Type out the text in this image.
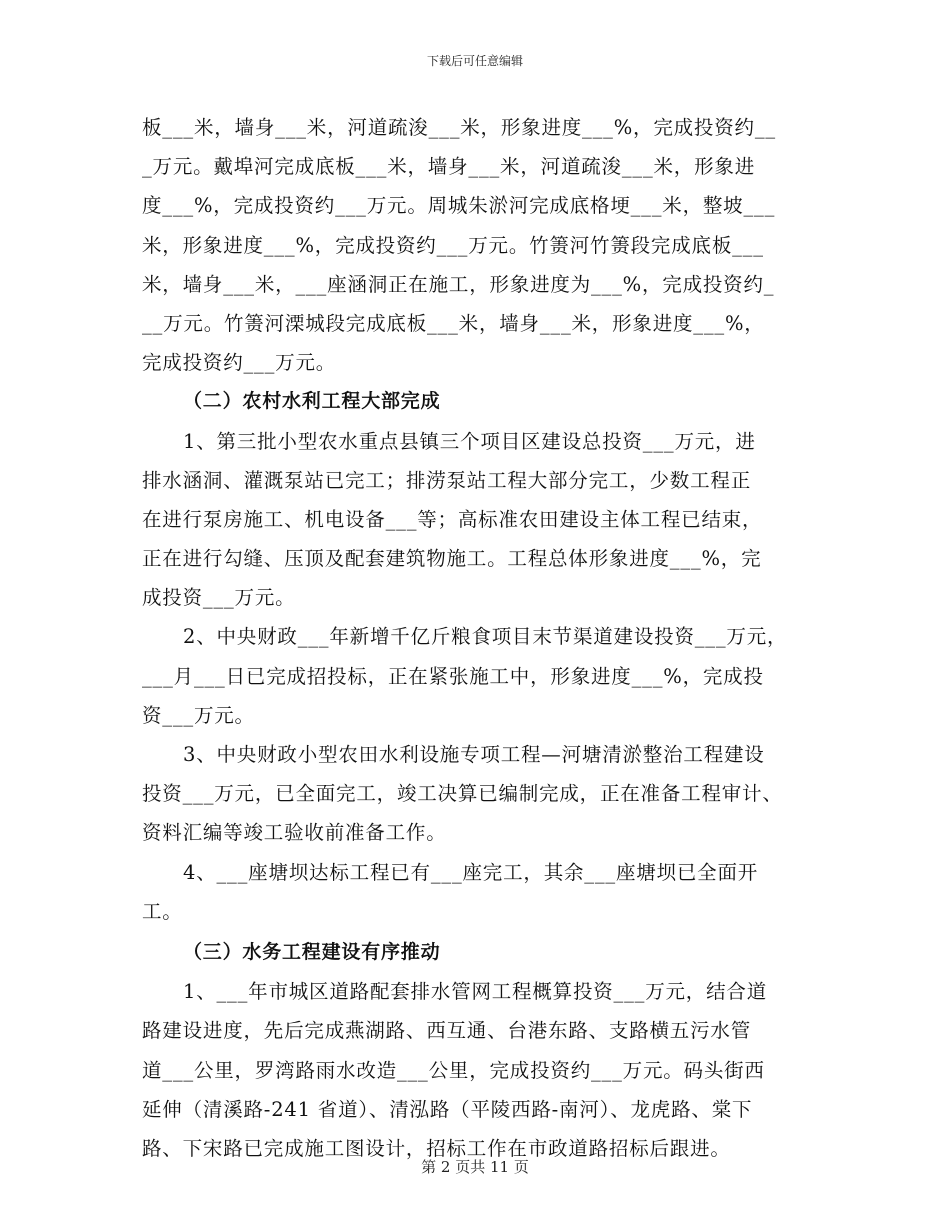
下载后可任意编辑
板___米，墙身___米，河道疏浚___米，形象进度___%，完成投资约__
_万元。戴埠河完成底板___米，墙身___米，河道疏浚___米，形象进
度___%，完成投资约___万元。周城朱淤河完成底格埂___米，整坡___
米，形象进度___%，完成投资约___万元。竹箦河竹箦段完成底板___
米，墙身___米，___座涵洞正在施工，形象进度为___%，完成投资约_
__万元。竹箦河溧城段完成底板___米，墙身___米，形象进度___%，
完成投资约___万元。
（二）农村水利工程大部完成
1、第三批小型农水重点县镇三个项目区建设总投资___万元，进
排水涵洞、灌溉泵站已完工；排涝泵站工程大部分完工，少数工程正
在进行泵房施工、机电设备___等；高标准农田建设主体工程已结束，
正在进行勾缝、压顶及配套建筑物施工。工程总体形象进度___%，完
成投资___万元。
2、中央财政___年新增千亿斤粮食项目末节渠道建设投资___万元，
___月___日已完成招投标，正在紧张施工中，形象进度___%，完成投
资___万元。
3、中央财政小型农田水利设施专项工程—河塘清淤整治工程建设
投资___万元，已全面完工，竣工决算已编制完成，正在准备工程审计、
资料汇编等竣工验收前准备工作。
4、___座塘坝达标工程已有___座完工，其余___座塘坝已全面开
工。
（三）水务工程建设有序推动
1、___年市城区道路配套排水管网工程概算投资___万元，结合道
路建设进度，先后完成燕湖路、西互通、台港东路、支路横五污水管
道___公里，罗湾路雨水改造___公里，完成投资约___万元。码头街西
延伸（清溪路-241 省道）、清泓路（平陵西路-南河）、龙虎路、棠下
路、下宋路已完成施工图设计，招标工作在市政道路招标后跟进。
第 2 页共 11 页
